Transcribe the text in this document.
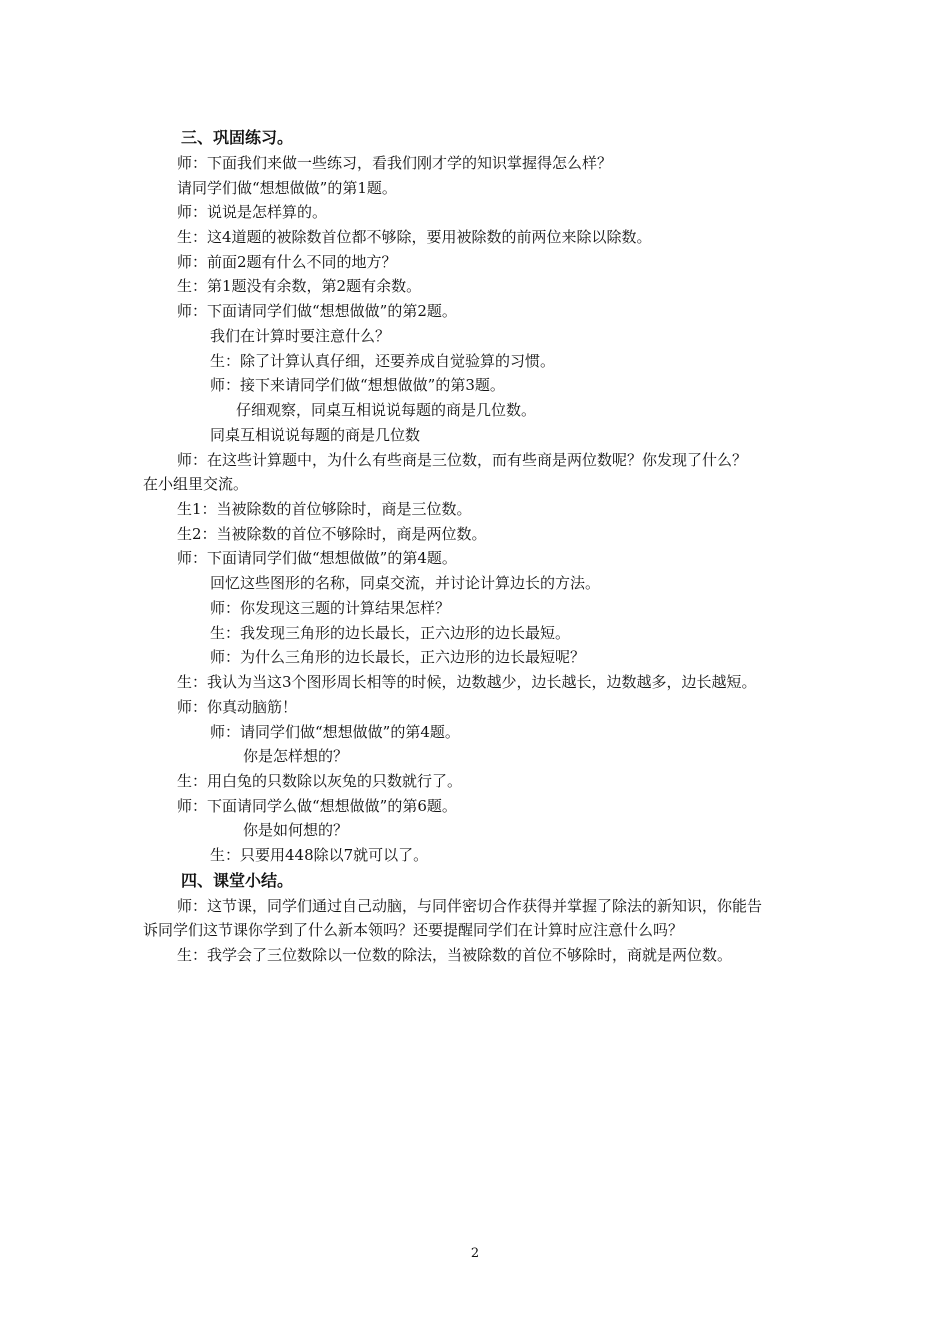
三、巩固练习。
师：下面我们来做一些练习，看我们刚才学的知识掌握得怎么样？
请同学们做“想想做做”的第1题。
师：说说是怎样算的。
生：这4道题的被除数首位都不够除，要用被除数的前两位来除以除数。
师：前面2题有什么不同的地方？
生：第1题没有余数，第2题有余数。
师：下面请同学们做“想想做做”的第2题。
我们在计算时要注意什么？
生：除了计算认真仔细，还要养成自觉验算的习惯。
师：接下来请同学们做“想想做做”的第3题。
仔细观察，同桌互相说说每题的商是几位数。
同桌互相说说每题的商是几位数
师：在这些计算题中，为什么有些商是三位数，而有些商是两位数呢？你发现了什么？
在小组里交流。
生1：当被除数的首位够除时，商是三位数。
生2：当被除数的首位不够除时，商是两位数。
师：下面请同学们做“想想做做”的第4题。
回忆这些图形的名称，同桌交流，并讨论计算边长的方法。
师：你发现这三题的计算结果怎样？
生：我发现三角形的边长最长，正六边形的边长最短。
师：为什么三角形的边长最长，正六边形的边长最短呢？
生：我认为当这3个图形周长相等的时候，边数越少，边长越长，边数越多，边长越短。
师：你真动脑筋！
师：请同学们做“想想做做”的第4题。
你是怎样想的？
生：用白兔的只数除以灰兔的只数就行了。
师：下面请同学么做“想想做做”的第6题。
你是如何想的？
生：只要用448除以7就可以了。
四、课堂小结。
师：这节课，同学们通过自己动脑，与同伴密切合作获得并掌握了除法的新知识，你能告
诉同学们这节课你学到了什么新本领吗？还要提醒同学们在计算时应注意什么吗？
生：我学会了三位数除以一位数的除法，当被除数的首位不够除时，商就是两位数。
2
